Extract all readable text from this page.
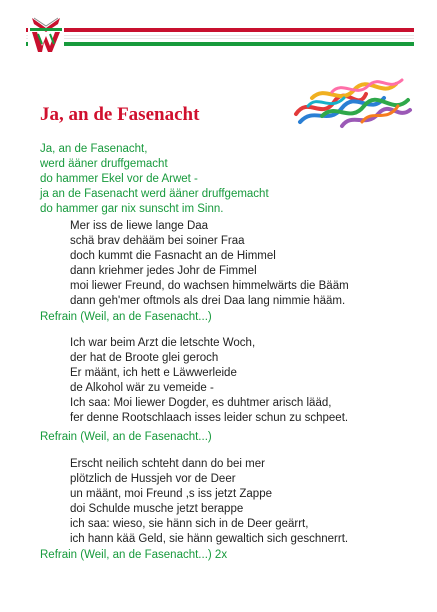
Ja, an de Fasenacht
Ja, an de Fasenacht,
werd ääner druffgemacht
do hammer Ekel vor de Arwet -
ja an de Fasenacht werd ääner druffgemacht
do hammer gar nix sunscht im Sinn.
Mer iss de liewe lange Daa
schä brav dehääm bei soiner Fraa
doch kummt die Fasnacht an de Himmel
dann kriehmer jedes Johr de Fimmel
moi liewer Freund, do wachsen himmelwärts die Bääm
dann geh'mer oftmols als drei Daa lang nimmie hääm.
Refrain (Weil, an de Fasenacht...)
Ich war beim Arzt die letschte Woch,
der hat de Broote glei geroch
Er määnt, ich hett e Läwwerleide
de Alkohol wär zu vemeide -
Ich saa: Moi liewer Dogder, es duhtmer arisch lääd,
fer denne Rootschlaach isses leider schun zu schpeet.
Refrain (Weil, an de Fasenacht...)
Erscht neilich schteht dann do bei mer
plötzlich de Hussjeh vor de Deer
un määnt, moi Freund ,s iss jetzt Zappe
doi Schulde musche jetzt berappe
ich saa: wieso, sie hänn sich in de Deer geärrt,
ich hann kää Geld, sie hänn gewaltich sich geschnerrt.
Refrain (Weil, an de Fasenacht...) 2x
